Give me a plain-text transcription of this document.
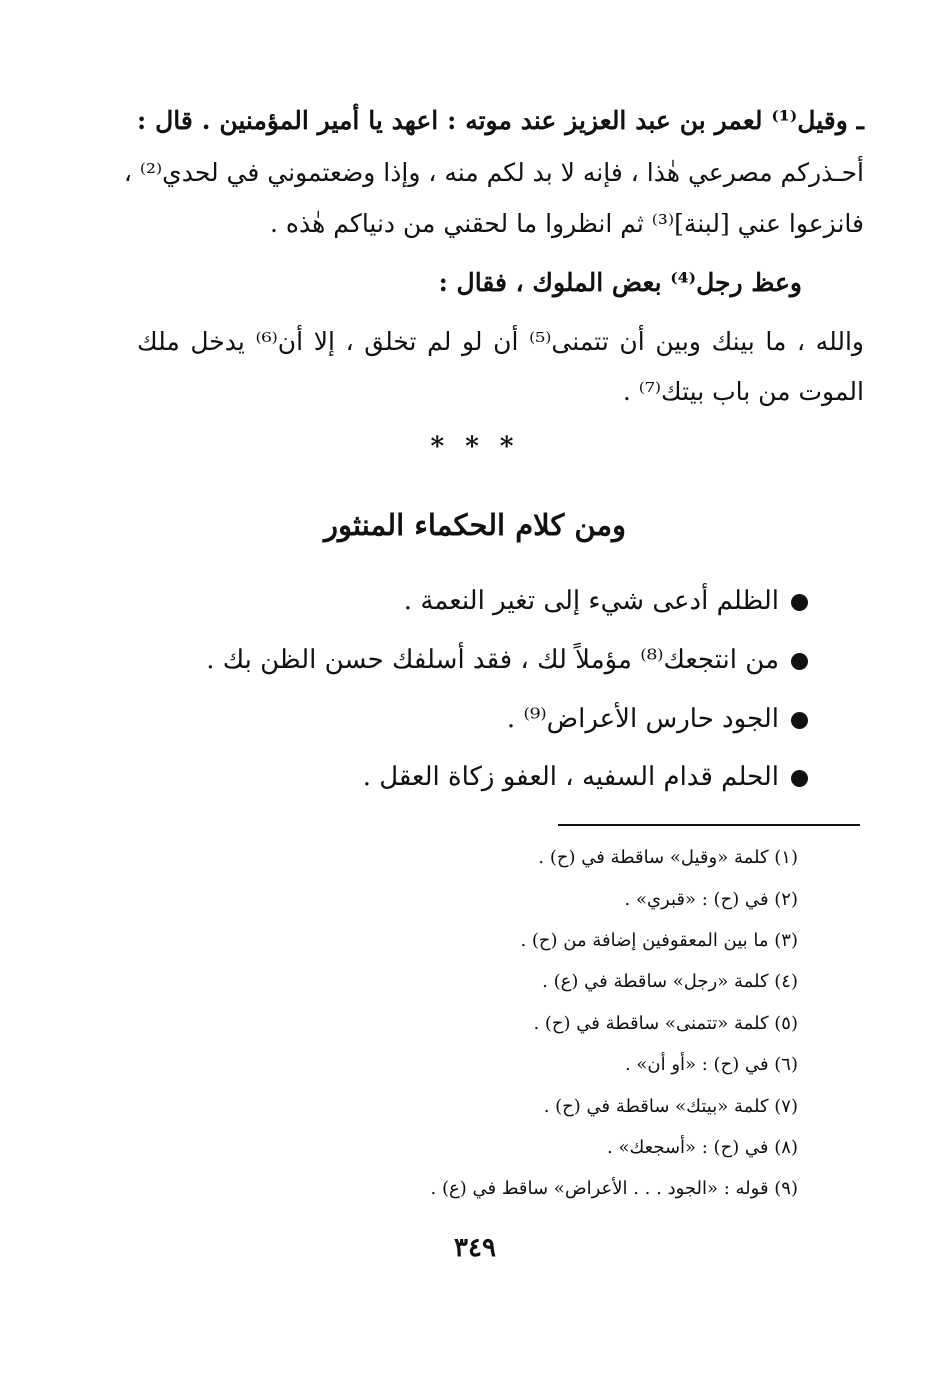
ـ وقيل⁽¹⁾ لعمر بن عبد العزيز عند موته : اعهد يا أمير المؤمنين . قال :
أحـذركم مصرعي هٰذا ، فإنه لا بد لكم منه ، وإذا وضعتموني في لحدي⁽²⁾ ،
فانزعوا عني [لبنة]⁽³⁾ ثم انظروا ما لحقني من دنياكم هٰذه .
وعظ رجل⁽⁴⁾ بعض الملوك ، فقال :
والله ، ما بينك وبين أن تتمنى⁽⁵⁾ أن لو لم تخلق ، إلا أن⁽⁶⁾ يدخل ملك
الموت من باب بيتك⁽⁷⁾ .
* * *
ومن كلام الحكماء المنثور
الظلم أدعى شيء إلى تغير النعمة .
من انتجعك⁽⁸⁾ مؤملاً لك ، فقد أسلفك حسن الظن بك .
الجود حارس الأعراض⁽⁹⁾ .
الحلم قدام السفيه ، العفو زكاة العقل .
(١) كلمة «وقيل» ساقطة في (ح) .
(٢) في (ح) : «قبري» .
(٣) ما بين المعقوفين إضافة من (ح) .
(٤) كلمة «رجل» ساقطة في (ع) .
(٥) كلمة «تتمنى» ساقطة في (ح) .
(٦) في (ح) : «أو أن» .
(٧) كلمة «بيتك» ساقطة في (ح) .
(٨) في (ح) : «أسجعك» .
(٩) قوله : «الجود . . . الأعراض» ساقط في (ع) .
٣٤٩
